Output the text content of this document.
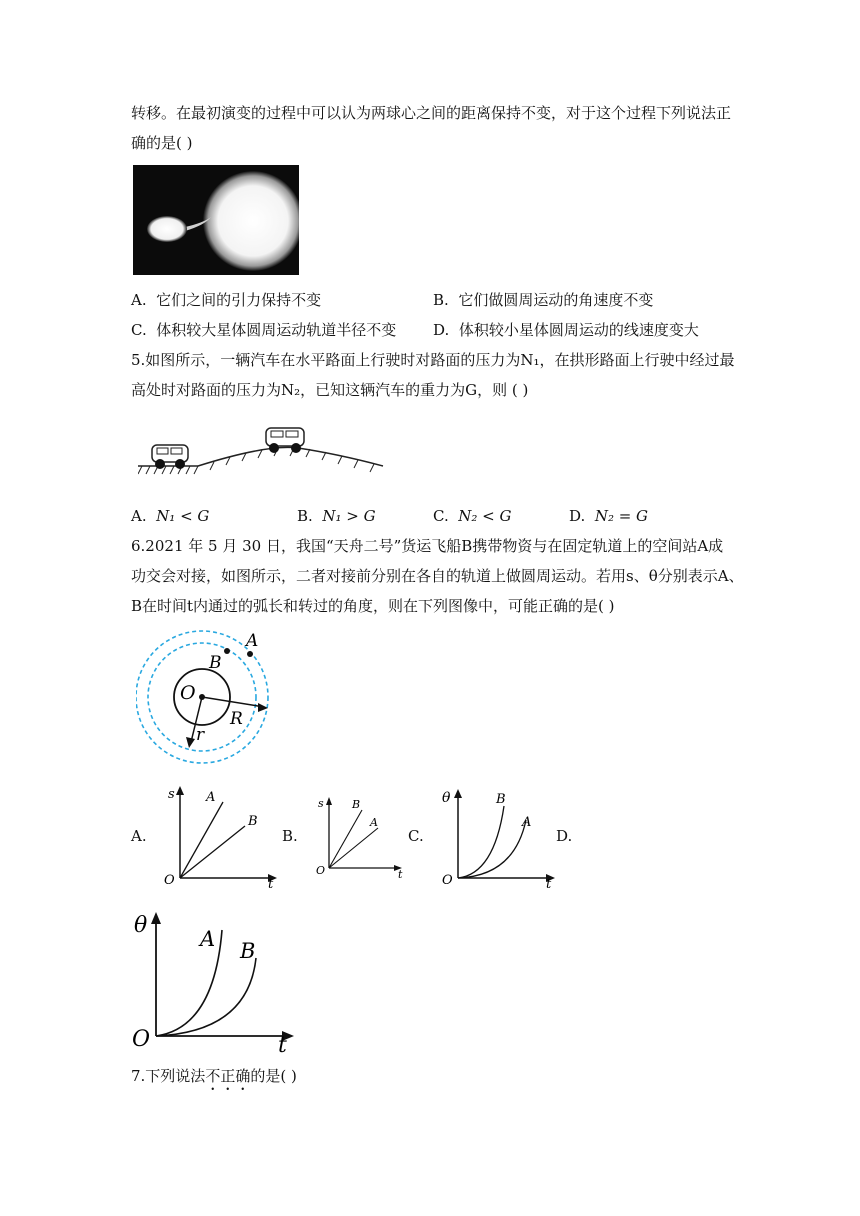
转移。在最初演变的过程中可以认为两球心之间的距离保持不变，对于这个过程下列说法正
确的是( )
A. 它们之间的引力保持不变	B. 它们做圆周运动的角速度不变
C. 体积较大星体圆周运动轨道半径不变 D. 体积较小星体圆周运动的线速度变大
5.如图所示，一辆汽车在水平路面上行驶时对路面的压力为N₁，在拱形路面上行驶中经过最
高处时对路面的压力为N₂，已知这辆汽车的重力为G，则 ( )
A. N₁ < G	B. N₁ > G	C. N₂ < G	D. N₂ = G
6.2021 年 5 月 30 日，我国“天舟二号”货运飞船B携带物资与在固定轨道上的空间站A成
功交会对接，如图所示，二者对接前分别在各自的轨道上做圆周运动。若用s、θ分别表示A、
B在时间t内通过的弧长和转过的角度，则在下列图像中，可能正确的是( )
A
B
O
R
r
A.	B.	C.	D.
s
t
O
A
B
s
t
O
B
A
θ
t
O
B
A
θ
t
O
A B
7.下列说法不正确的是( )
